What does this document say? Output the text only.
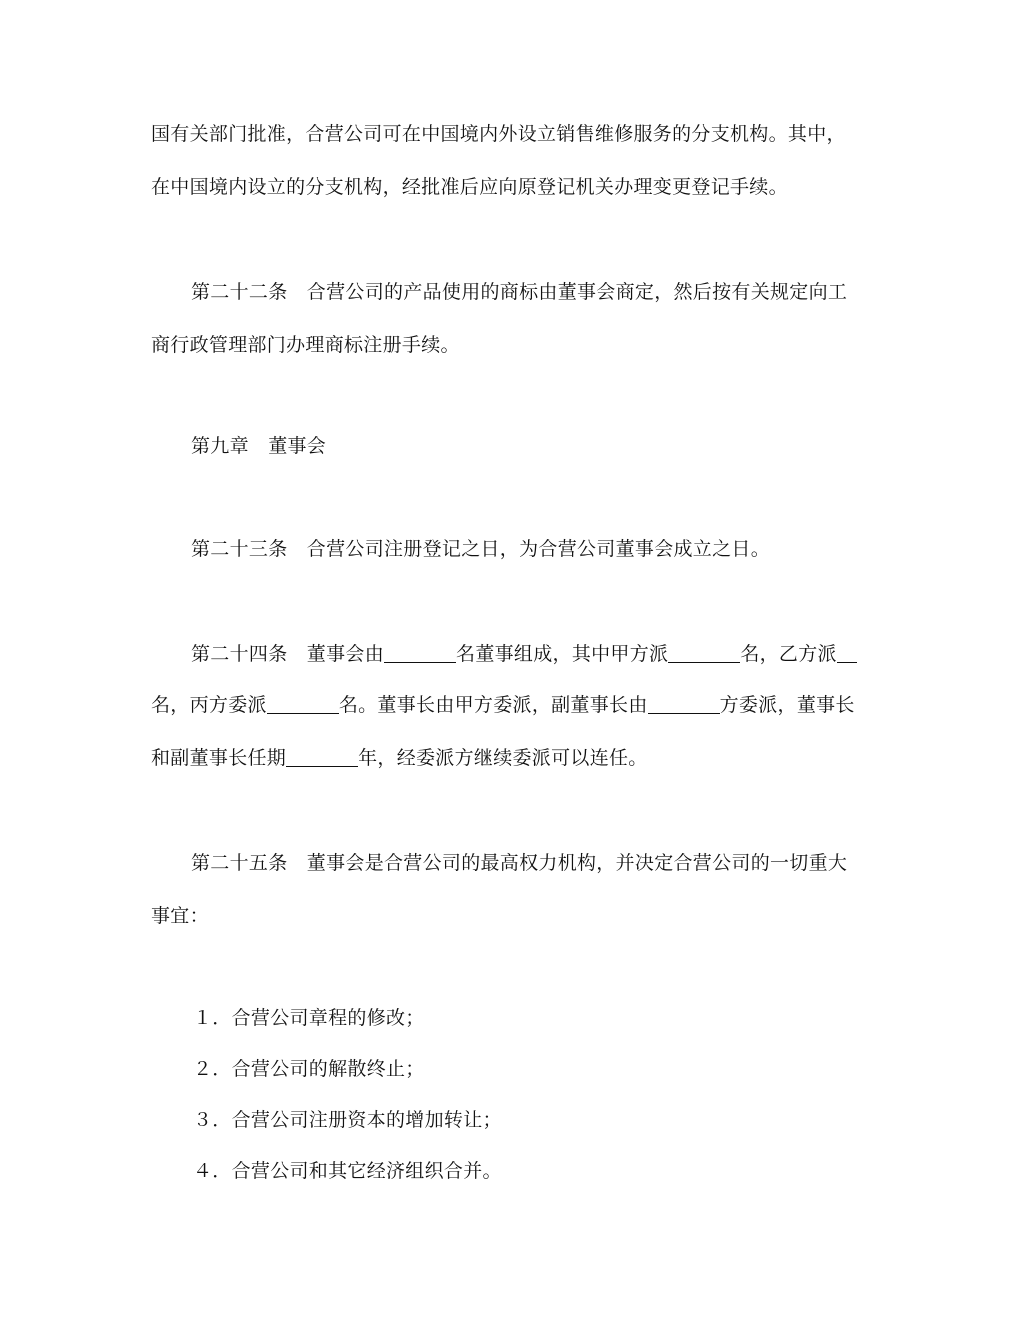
国有关部门批准，合营公司可在中国境内外设立销售维修服务的分支机构。其中，
在中国境内设立的分支机构，经批准后应向原登记机关办理变更登记手续。
第二十二条　合营公司的产品使用的商标由董事会商定，然后按有关规定向工
商行政管理部门办理商标注册手续。
第九章　董事会
第二十三条　合营公司注册登记之日，为合营公司董事会成立之日。
第二十四条　董事会由	名董事组成，其中甲方派	名，乙方派
名，丙方委派	名。董事长由甲方委派，副董事长由	方委派，董事长
和副董事长任期	年，经委派方继续委派可以连任。
第二十五条　董事会是合营公司的最高权力机构，并决定合营公司的一切重大
事宜：
１．合营公司章程的修改；
２．合营公司的解散终止；
３．合营公司注册资本的增加转让；
４．合营公司和其它经济组织合并。
